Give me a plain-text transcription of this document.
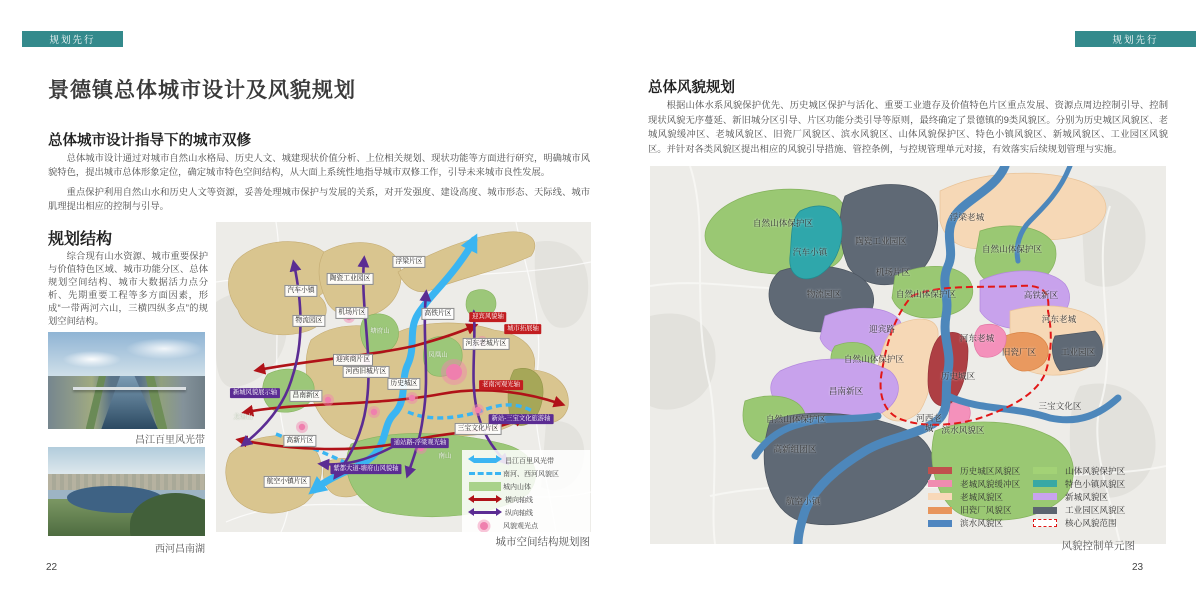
规划先行
景德镇总体城市设计及风貌规划
总体城市设计指导下的城市双修

总体城市设计通过对城市自然山水格局、历史人文、城建现状价值分析、上位相关规划、现状功能等方面进行研究，明确城市风貌特色，提出城市总体形象定位，确定城市特色空间结构，从大面上系统性地指导城市双修工作，引导未来城市良性发展。

重点保护利用自然山水和历史人文等资源，妥善处理城市保护与发展的关系，对开发强度、建设高度、城市形态、天际线、城市肌理提出相应的控制与引导。

规划结构

综合现有山水资源、城市重要保护与价值特色区域、城市功能分区、总体规划空间结构、城市大数据活力点分析、先期重要工程等多方面因素，形成“一带两河六山，三横四纵多点”的规划空间结构。

昌江百里风光带
西河昌南湖
浮梁片区
陶瓷工业园区
汽车小镇
机场片区
物流园区
高铁片区
迎宾商片区
河东老城片区
河西旧城片区
历史城区
昌南新区
高新片区
航空小镇片区
三宝文化片区
南山
龙塘山
塘府山
凤凰山
迎宾风貌轴
城市拓展轴
老南河观光轴
新城风貌展示轴
通站路-浮梁观光轴
新站-三宝文化旅游轴
紫都大道-塘府山风貌轴
昌江百里风光带
南河、西河风貌区
城内山体
横向轴线
纵向轴线
风貌观光点
城市空间结构规划图
22
规划先行
总体风貌规划

根据山体水系风貌保护优先、历史城区保护与活化、重要工业遗存及价值特色片区重点发展、资源点周边控制引导、控制现状风貌无序蔓延、新旧城分区引导、片区功能分类引导等原则，最终确定了景德镇的9类风貌区。分别为历史城区风貌区、老城风貌缓冲区、老城风貌区、旧瓷厂风貌区、滨水风貌区、山体风貌保护区、特色小镇风貌区、新城风貌区、工业园区风貌区。并针对各类风貌区提出相应的风貌引导措施、管控条例，与控规管理单元对接，有效落实后续规划管理与实施。

自然山体保护区
汽车小镇
陶瓷工业园区
机场片区
物流园区
浮梁老城
自然山体保护区
自然山体保护区	高铁新区
河东老城
工业园区
旧瓷厂区
河东老城
历史城区
三宝文化区
河西老城 滨水风貌区
迎宾路
自然山体保护区
昌南新区
自然山体保护区
高新组团区
航空小镇
历史城区风貌区
老城风貌缓冲区
老城风貌区
旧瓷厂风貌区
滨水风貌区
山体风貌保护区
特色小镇风貌区
新城风貌区
工业园区风貌区
核心风貌范围
风貌控制单元图
23
